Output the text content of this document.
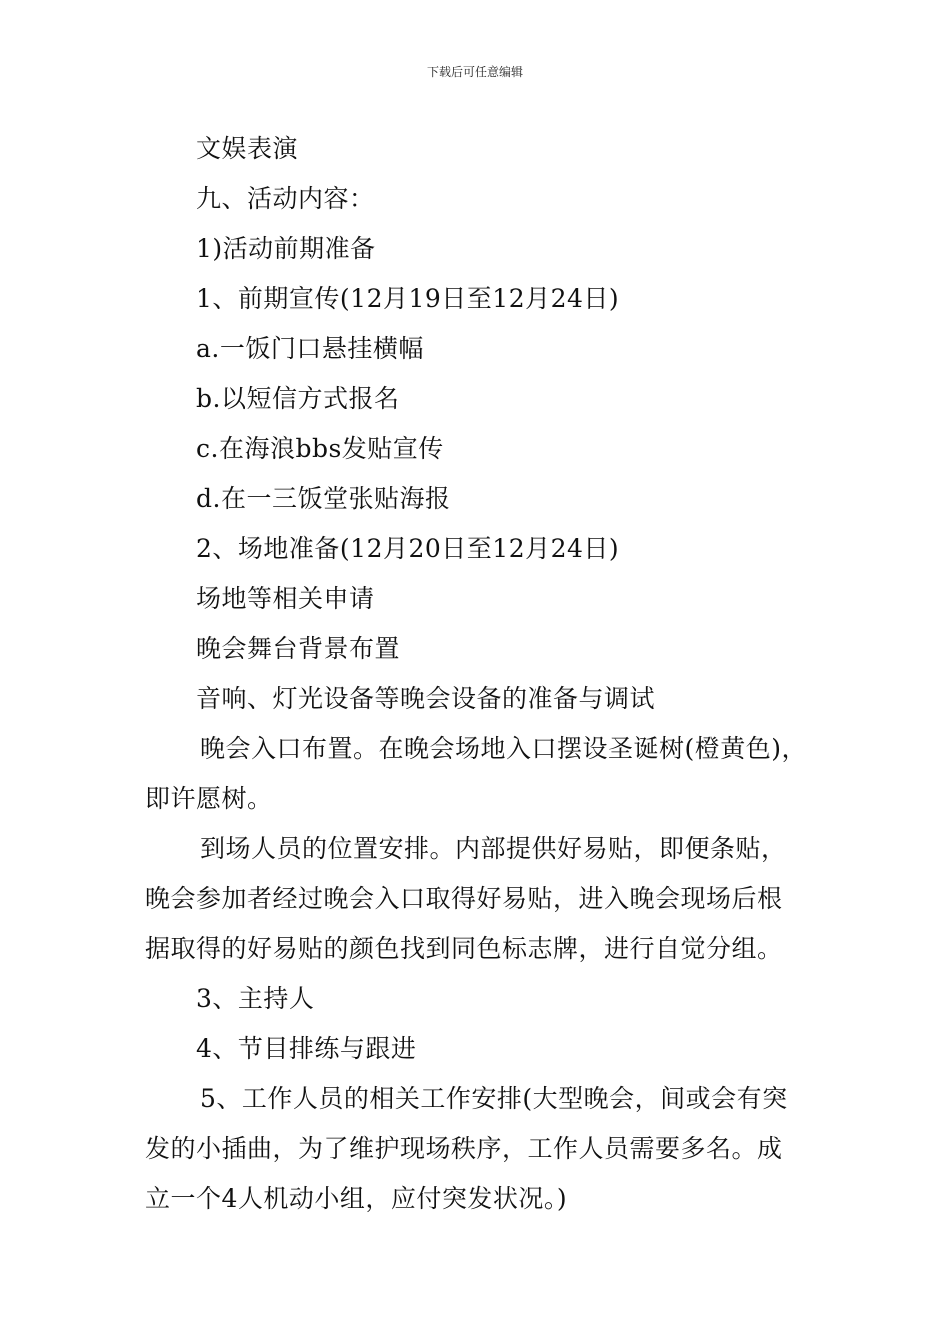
下载后可任意编辑
文娱表演
九、活动内容：
1)活动前期准备
1、前期宣传(12月19日至12月24日)
a.一饭门口悬挂横幅
b.以短信方式报名
c.在海浪bbs发贴宣传
d.在一三饭堂张贴海报
2、场地准备(12月20日至12月24日)
场地等相关申请
晚会舞台背景布置
音响、灯光设备等晚会设备的准备与调试
晚会入口布置。在晚会场地入口摆设圣诞树(橙黄色)，
即许愿树。
到场人员的位置安排。内部提供好易贴，即便条贴，
晚会参加者经过晚会入口取得好易贴，进入晚会现场后根
据取得的好易贴的颜色找到同色标志牌，进行自觉分组。
3、主持人
4、节目排练与跟进
5、工作人员的相关工作安排(大型晚会，间或会有突
发的小插曲，为了维护现场秩序，工作人员需要多名。成
立一个4人机动小组，应付突发状况。)
